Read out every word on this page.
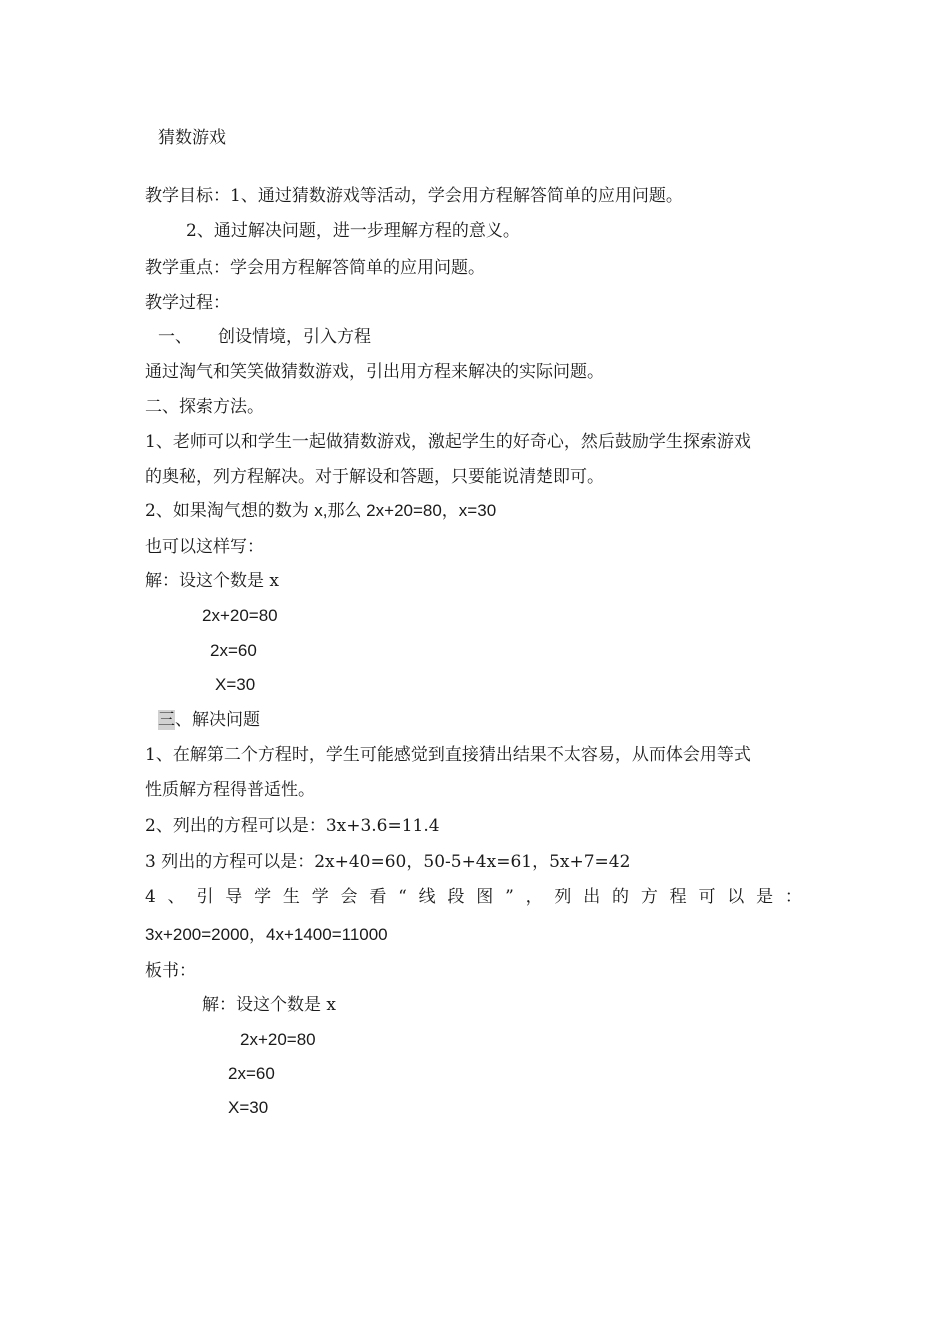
猜数游戏
教学目标：1、通过猜数游戏等活动，学会用方程解答简单的应用问题。
2、通过解决问题，进一步理解方程的意义。
教学重点：学会用方程解答简单的应用问题。
教学过程：
一、 创设情境，引入方程
通过淘气和笑笑做猜数游戏，引出用方程来解决的实际问题。
二、探索方法。
1、老师可以和学生一起做猜数游戏，激起学生的好奇心，然后鼓励学生探索游戏
的奥秘，列方程解决。对于解设和答题，只要能说清楚即可。
2、如果淘气想的数为 x,那么 2x+20=80，x=30
也可以这样写：
解：设这个数是 x
2x+20=80
2x=60
X=30
三、解决问题
1、在解第二个方程时，学生可能感觉到直接猜出结果不太容易，从而体会用等式
性质解方程得普适性。
2、列出的方程可以是：3x+3.6=11.4
3 列出的方程可以是：2x+40=60，50-5+4x=61，5x+7=42
4 、 引 导 学 生 学 会 看 “ 线 段 图 ” ， 列 出 的 方 程 可 以 是 ：
3x+200=2000，4x+1400=11000
板书：
解：设这个数是 x
2x+20=80
2x=60
X=30
